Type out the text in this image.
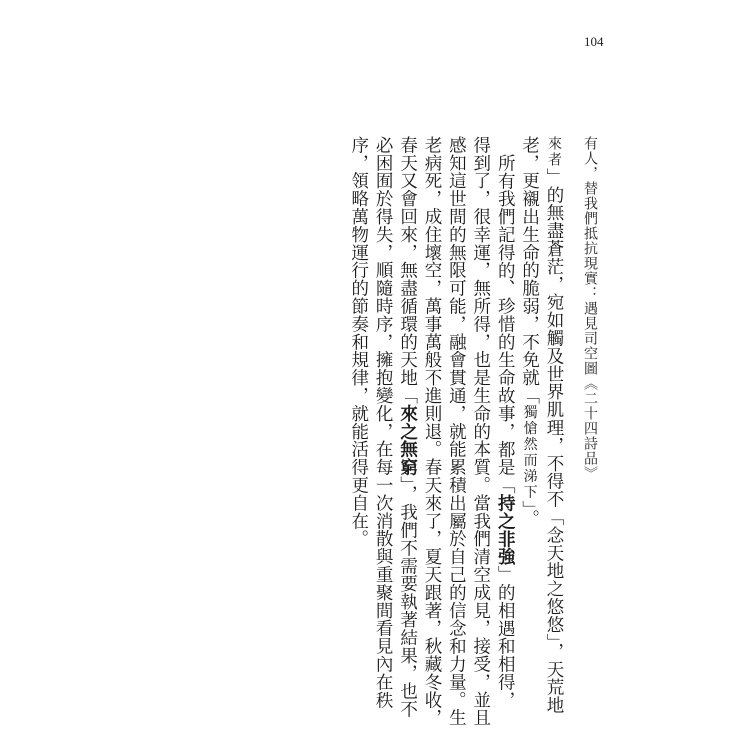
104
有人，替我們抵抗現實：遇見司空圖《二十四詩品》

來者」的無盡蒼茫，宛如觸及世界肌理，不得不「念天地之悠悠」，天荒地

老，更襯出生命的脆弱，不免就「獨愴然而涕下」。

所有我們記得的、珍惜的生命故事，都是「持之非強」的相遇和相得，

得到了，很幸運，無所得，也是生命的本質。當我們清空成見，接受，並且

感知這世間的無限可能，融會貫通，就能累積出屬於自己的信念和力量。生

老病死，成住壞空，萬事萬般不進則退。春天來了，夏天跟著，秋藏冬收，

春天又會回來，無盡循環的天地「來之無窮」，我們不需要執著結果，也不

必困囿於得失，順隨時序，擁抱變化，在每一次消散與重聚間看見內在秩

序，領略萬物運行的節奏和規律，就能活得更自在。
